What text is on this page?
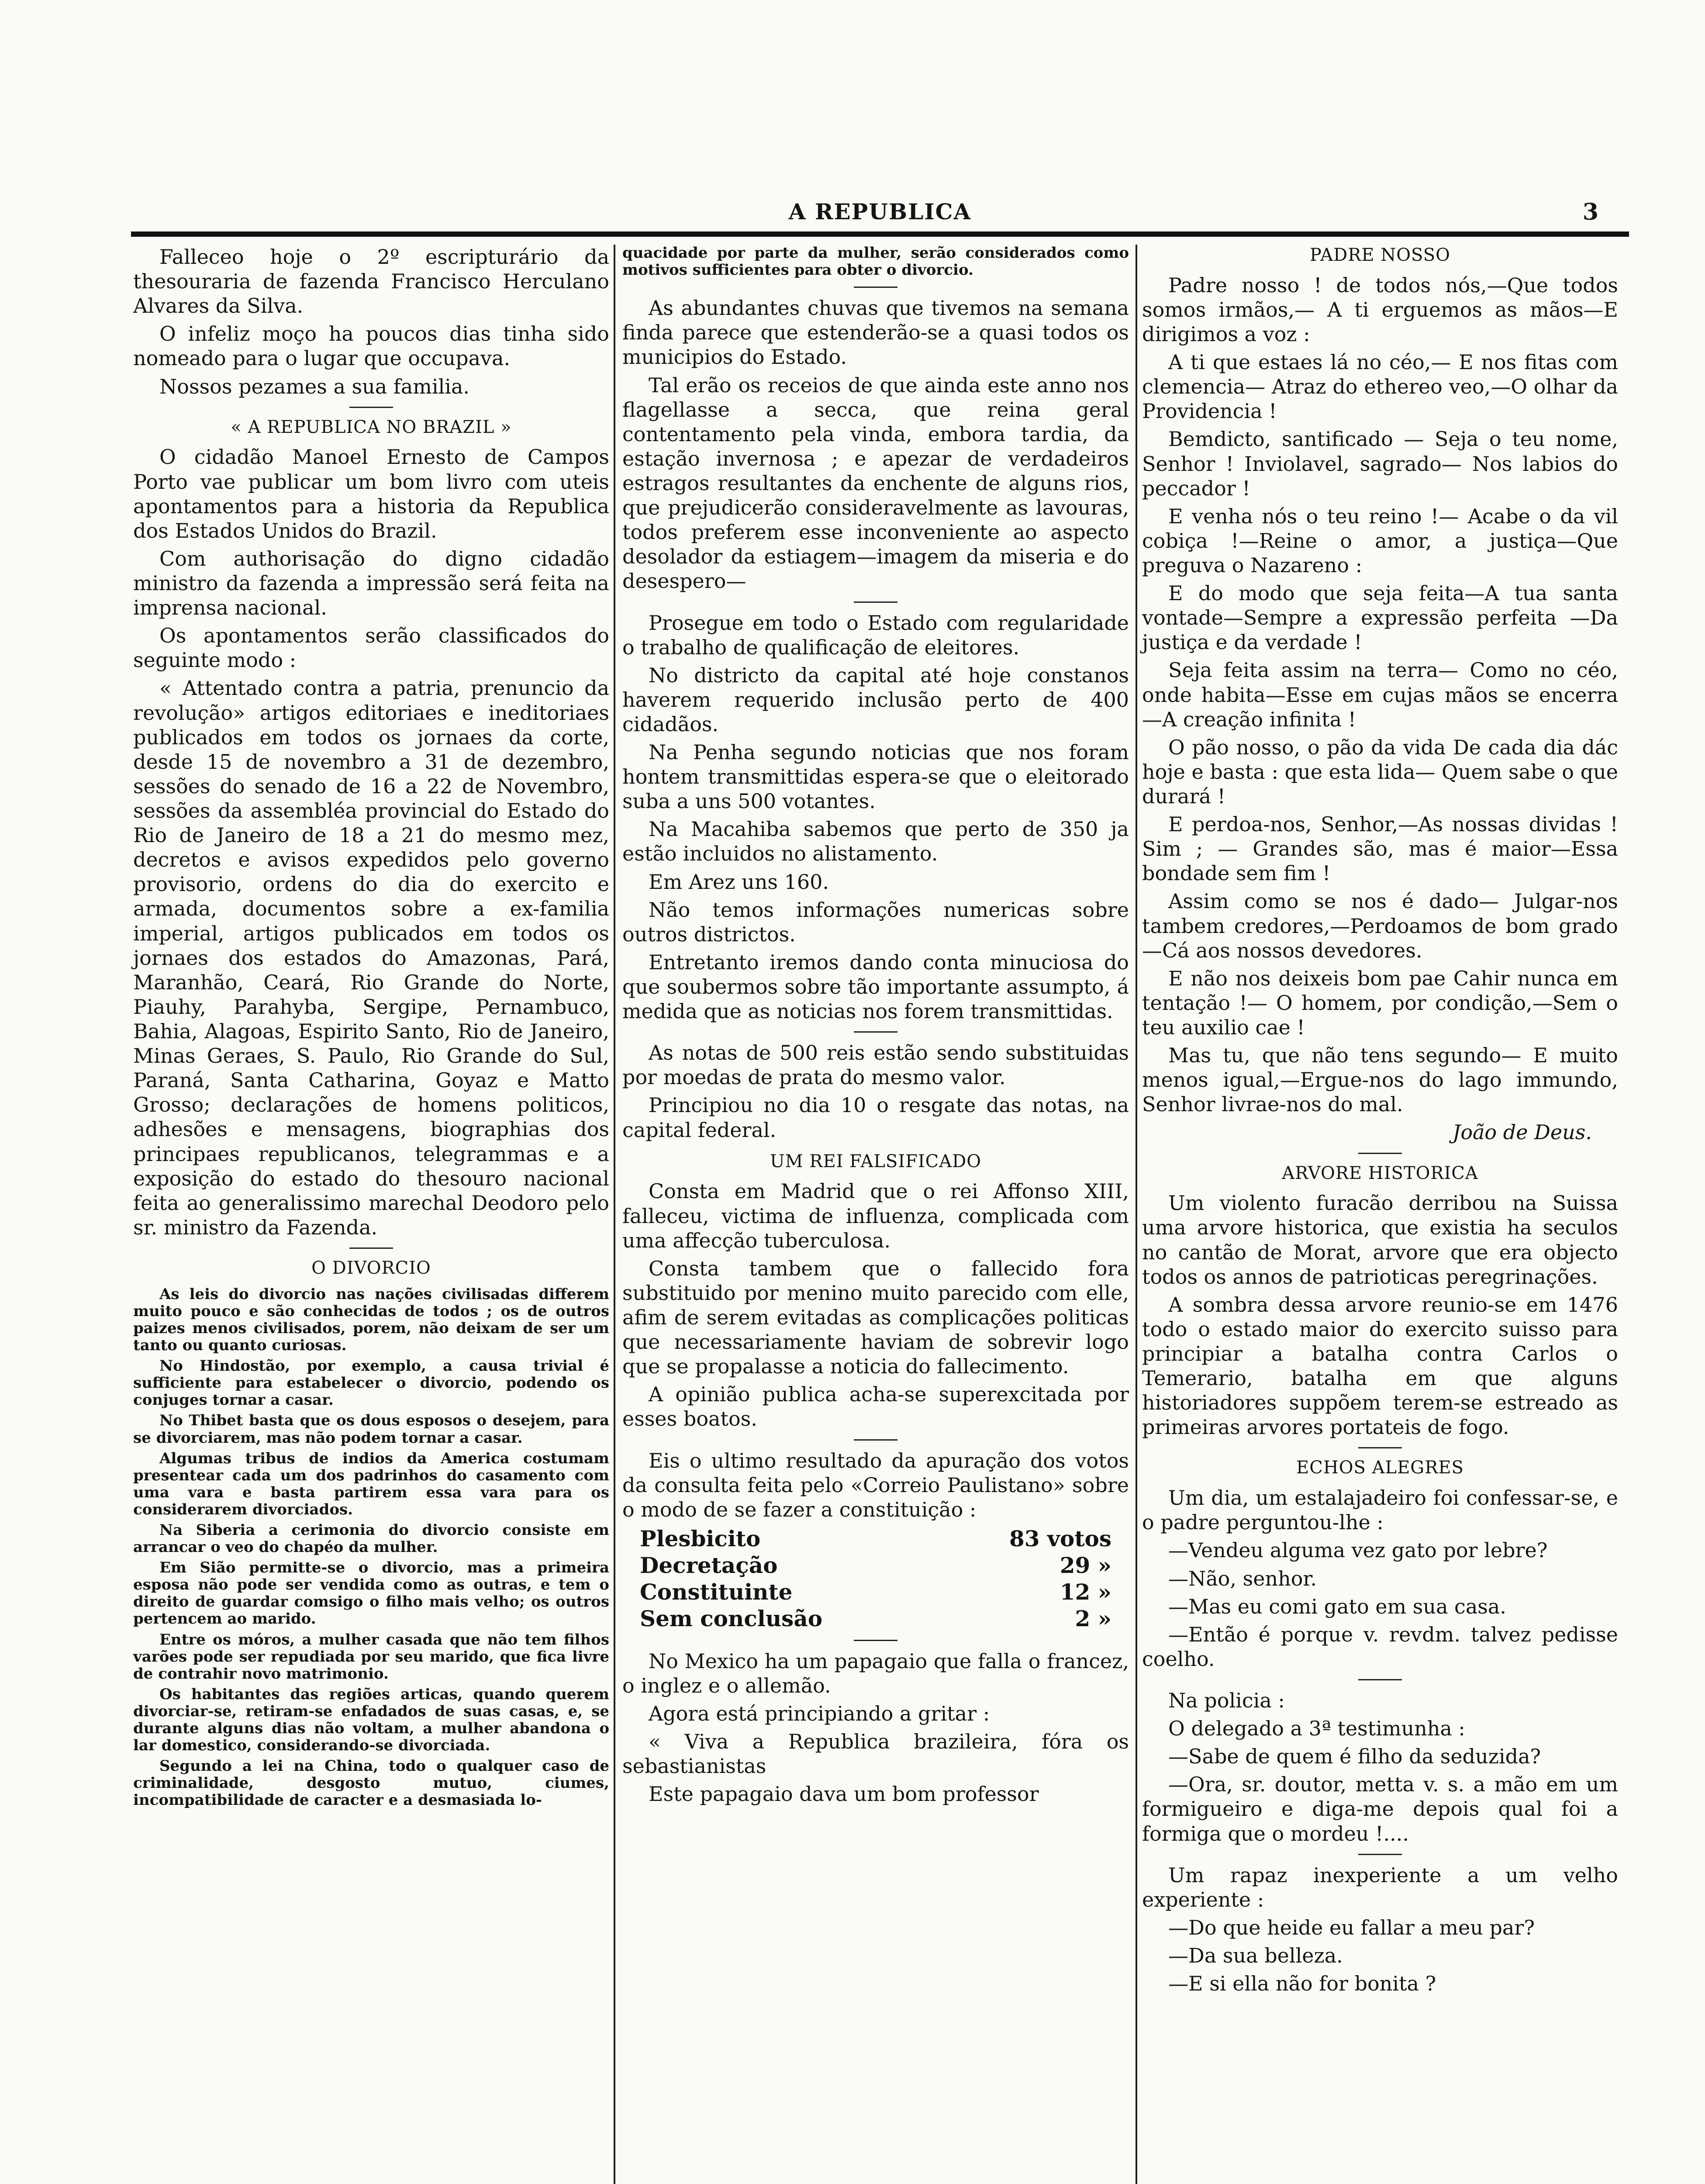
A REPUBLICA	3

Falleceo hoje o 2º escripturário da thesouraria de fazenda Francisco Herculano Alvares da Silva.

O infeliz moço ha poucos dias tinha sido nomeado para o lugar que occupava.

Nossos pezames a sua familia.

« A REPUBLICA NO BRAZIL »

O cidadão Manoel Ernesto de Campos Porto vae publicar um bom livro com uteis apontamentos para a historia da Republica dos Estados Unidos do Brazil.

Com authorisação do digno cidadão ministro da fazenda a impressão será feita na imprensa nacional.

Os apontamentos serão classificados do seguinte modo :

« Attentado contra a patria, prenuncio da revolução» artigos editoriaes e ineditoriaes publicados em todos os jornaes da corte, desde 15 de novembro a 31 de dezembro, sessões do senado de 16 a 22 de Novembro, sessões da assembléa provincial do Estado do Rio de Janeiro de 18 a 21 do mesmo mez, decretos e avisos expedidos pelo governo provisorio, ordens do dia do exercito e armada, documentos sobre a ex-familia imperial, artigos publicados em todos os jornaes dos estados do Amazonas, Pará, Maranhão, Ceará, Rio Grande do Norte, Piauhy, Parahyba, Sergipe, Pernambuco, Bahia, Alagoas, Espirito Santo, Rio de Janeiro, Minas Geraes, S. Paulo, Rio Grande do Sul, Paraná, Santa Catharina, Goyaz e Matto Grosso; declarações de homens politicos, adhesões e mensagens, biographias dos principaes republicanos, telegrammas e a exposição do estado do thesouro nacional feita ao generalissimo marechal Deodoro pelo sr. ministro da Fazenda.

O DIVORCIO

As leis do divorcio nas nações civilisadas differem muito pouco e são conhecidas de todos ; os de outros paizes menos civilisados, porem, não deixam de ser um tanto ou quanto curiosas.

No Hindostão, por exemplo, a causa trivial é sufficiente para estabelecer o divorcio, podendo os conjuges tornar a casar.

No Thibet basta que os dous esposos o desejem, para se divorciarem, mas não podem tornar a casar.

Algumas tribus de indios da America costumam presentear cada um dos padrinhos do casamento com uma vara e basta partirem essa vara para os considerarem divorciados.

Na Siberia a cerimonia do divorcio consiste em arrancar o veo do chapéo da mulher.

Em Sião permitte-se o divorcio, mas a primeira esposa não pode ser vendida como as outras, e tem o direito de guardar comsigo o filho mais velho; os outros pertencem ao marido.

Entre os móros, a mulher casada que não tem filhos varões pode ser repudiada por seu marido, que fica livre de contrahir novo matrimonio.

Os habitantes das regiões articas, quando querem divorciar-se, retiram-se enfadados de suas casas, e, se durante alguns dias não voltam, a mulher abandona o lar domestico, considerando-se divorciada.

Segundo a lei na China, todo o qualquer caso de criminalidade, desgosto mutuo, ciumes, incompatibilidade de caracter e a desmasiada lo-

quacidade por parte da mulher, serão considerados como motivos sufficientes para obter o divorcio.

As abundantes chuvas que tivemos na semana finda parece que estenderão-se a quasi todos os municipios do Estado.

Tal erão os receios de que ainda este anno nos flagellasse a secca, que reina geral contentamento pela vinda, embora tardia, da estação invernosa ; e apezar de verdadeiros estragos resultantes da enchente de alguns rios, que prejudicerão consideravelmente as lavouras, todos preferem esse inconveniente ao aspecto desolador da estiagem—imagem da miseria e do desespero—

Prosegue em todo o Estado com regularidade o trabalho de qualificação de eleitores.

No districto da capital até hoje constanos haverem requerido inclusão perto de 400 cidadãos.

Na Penha segundo noticias que nos foram hontem transmittidas espera-se que o eleitorado suba a uns 500 votantes.

Na Macahiba sabemos que perto de 350 ja estão incluidos no alistamento.

Em Arez uns 160.

Não temos informações numericas sobre outros districtos.

Entretanto iremos dando conta minuciosa do que soubermos sobre tão importante assumpto, á medida que as noticias nos forem transmittidas.

As notas de 500 reis estão sendo substituidas por moedas de prata do mesmo valor.

Principiou no dia 10 o resgate das notas, na capital federal.

UM REI FALSIFICADO

Consta em Madrid que o rei Affonso XIII, falleceu, victima de influenza, complicada com uma affecção tuberculosa.

Consta tambem que o fallecido fora substituido por menino muito parecido com elle, afim de serem evitadas as complicações politicas que necessariamente haviam de sobrevir logo que se propalasse a noticia do fallecimento.

A opinião publica acha-se superexcitada por esses boatos.

Eis o ultimo resultado da apuração dos votos da consulta feita pelo «Correio Paulistano» sobre o modo de se fazer a constituição :

Plesbicito	83 votos
Decretação	29 »
Constituinte	12 »
Sem conclusão	2 »

No Mexico ha um papagaio que falla o francez, o inglez e o allemão.

Agora está principiando a gritar :

« Viva a Republica brazileira, fóra os sebastianistas

Este papagaio dava um bom professor

PADRE NOSSO

Padre nosso ! de todos nós,—Que todos somos irmãos,— A ti erguemos as mãos—E dirigimos a voz :

A ti que estaes lá no céo,— E nos fitas com clemencia— Atraz do ethereo veo,—O olhar da Providencia !

Bemdicto, santificado — Seja o teu nome, Senhor ! Inviolavel, sagrado— Nos labios do peccador !

E venha nós o teu reino !— Acabe o da vil cobiça !—Reine o amor, a justiça—Que preguva o Nazareno :

E do modo que seja feita—A tua santa vontade—Sempre a expressão perfeita —Da justiça e da verdade !

Seja feita assim na terra— Como no céo, onde habita—Esse em cujas mãos se encerra—A creação infinita !

O pão nosso, o pão da vida De cada dia dác hoje e basta : que esta lida— Quem sabe o que durará !

E perdoa-nos, Senhor,—As nossas dividas ! Sim ; — Grandes são, mas é maior—Essa bondade sem fim !

Assim como se nos é dado— Julgar-nos tambem credores,—Perdoamos de bom grado—Cá aos nossos devedores.

E não nos deixeis bom pae Cahir nunca em tentação !— O homem, por condição,—Sem o teu auxilio cae !

Mas tu, que não tens segundo— E muito menos igual,—Ergue-nos do lago immundo, Senhor livrae-nos do mal.

João de Deus.

ARVORE HISTORICA

Um violento furacão derribou na Suissa uma arvore historica, que existia ha seculos no cantão de Morat, arvore que era objecto todos os annos de patrioticas peregrinações.

A sombra dessa arvore reunio-se em 1476 todo o estado maior do exercito suisso para principiar a batalha contra Carlos o Temerario, batalha em que alguns historiadores suppõem terem-se estreado as primeiras arvores portateis de fogo.

ECHOS ALEGRES

Um dia, um estalajadeiro foi confessar-se, e o padre perguntou-lhe :

—Vendeu alguma vez gato por lebre?

—Não, senhor.

—Mas eu comi gato em sua casa.

—Então é porque v. revdm. talvez pedisse coelho.

Na policia :

O delegado a 3ª testimunha :

—Sabe de quem é filho da seduzida?

—Ora, sr. doutor, metta v. s. a mão em um formigueiro e diga-me depois qual foi a formiga que o mordeu !....

Um rapaz inexperiente a um velho experiente :

—Do que heide eu fallar a meu par?

—Da sua belleza.

—E si ella não for bonita ?
